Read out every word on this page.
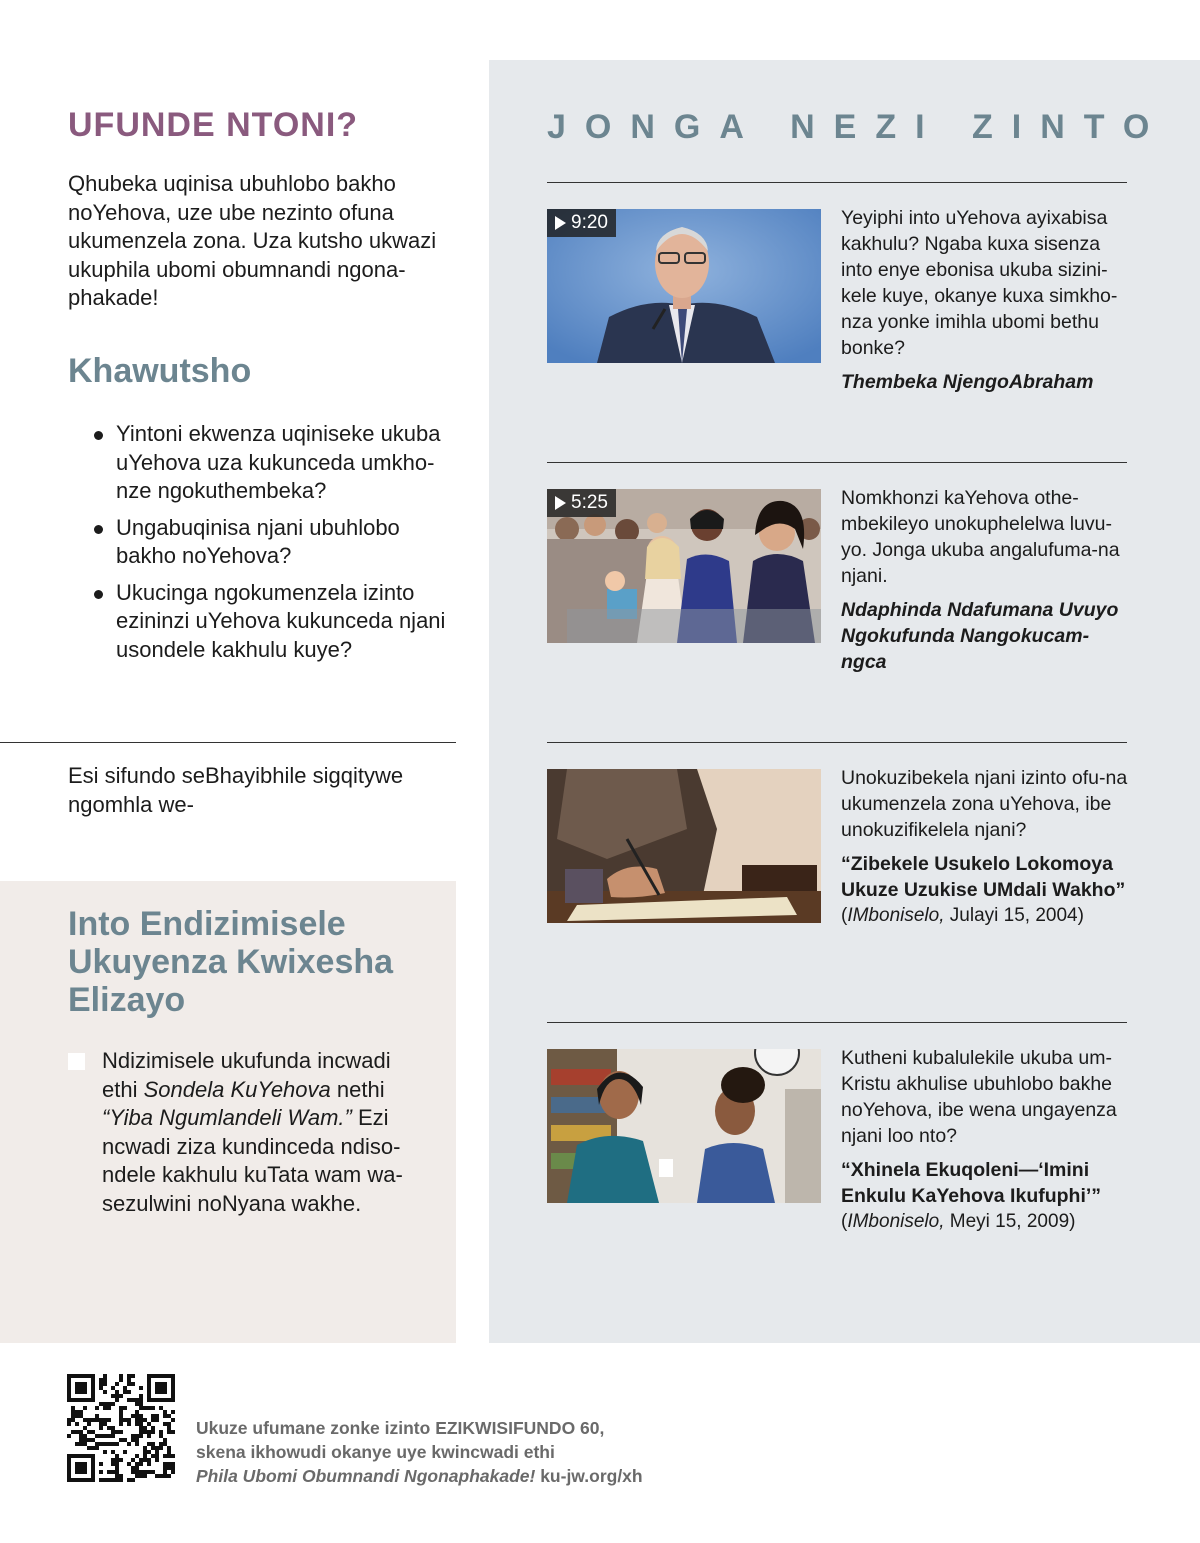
UFUNDE NTONI?

Qhubeka uqinisa ubuhlobo bakho noYehova, uze ube nezinto ofuna ukumenzela zona. Uza kutsho ukwazi ukuphila ubomi obumnandi ngona-phakade!

Khawutsho
Yintoni ekwenza uqiniseke ukuba uYehova uza kukunceda umkho-nze ngokuthembeka?
Ungabuqinisa njani ubuhlobo bakho noYehova?
Ukucinga ngokumenzela izinto ezininzi uYehova kukunceda njani usondele kakhulu kuye?

Esi sifundo seBhayibhile sigqitywe ngomhla we-

Into Endizimisele Ukuyenza Kwixesha Elizayo

Ndizimisele ukufunda incwadi ethi Sondela KuYehova nethi “Yiba Ngumlandeli Wam.” Ezi ncwadi ziza kundinceda ndiso-ndele kakhulu kuTata wam wa-sezulwini noNyana wakhe.

JONGA NEZI ZINTO
9:20	Yeyiphi into uYehova ayixabisa kakhulu? Ngaba kuxa sisenza into enye ebonisa ukuba sizini-kele kuye, okanye kuxa simkho-nza yonke imihla ubomi bethu bonke?

Thembeka NjengoAbraham

5:25	Nomkhonzi kaYehova othe-mbekileyo unokuphelelwa luvu-yo. Jonga ukuba angalufuma-na njani.

Ndaphinda Ndafumana Uvuyo Ngokufunda Nangokucam-ngca

Unokuzibekela njani izinto ofu-na ukumenzela zona uYehova, ibe unokuzifikelela njani?

“Zibekele Usukelo Lokomoya Ukuze Uzukise UMdali Wakho”

(IMboniselo, Julayi 15, 2004)

Kutheni kubalulekile ukuba um-Kristu akhulise ubuhlobo bakhe noYehova, ibe wena ungayenza njani loo nto?

“Xhinela Ekuqoleni—‘Imini Enkulu KaYehova Ikufuphi’”

(IMboniselo, Meyi 15, 2009)

Ukuze ufumane zonke izinto EZIKWISIFUNDO 60,
skena ikhowudi okanye uye kwincwadi ethi
Phila Ubomi Obumnandi Ngonaphakade! ku-jw.org/xh
